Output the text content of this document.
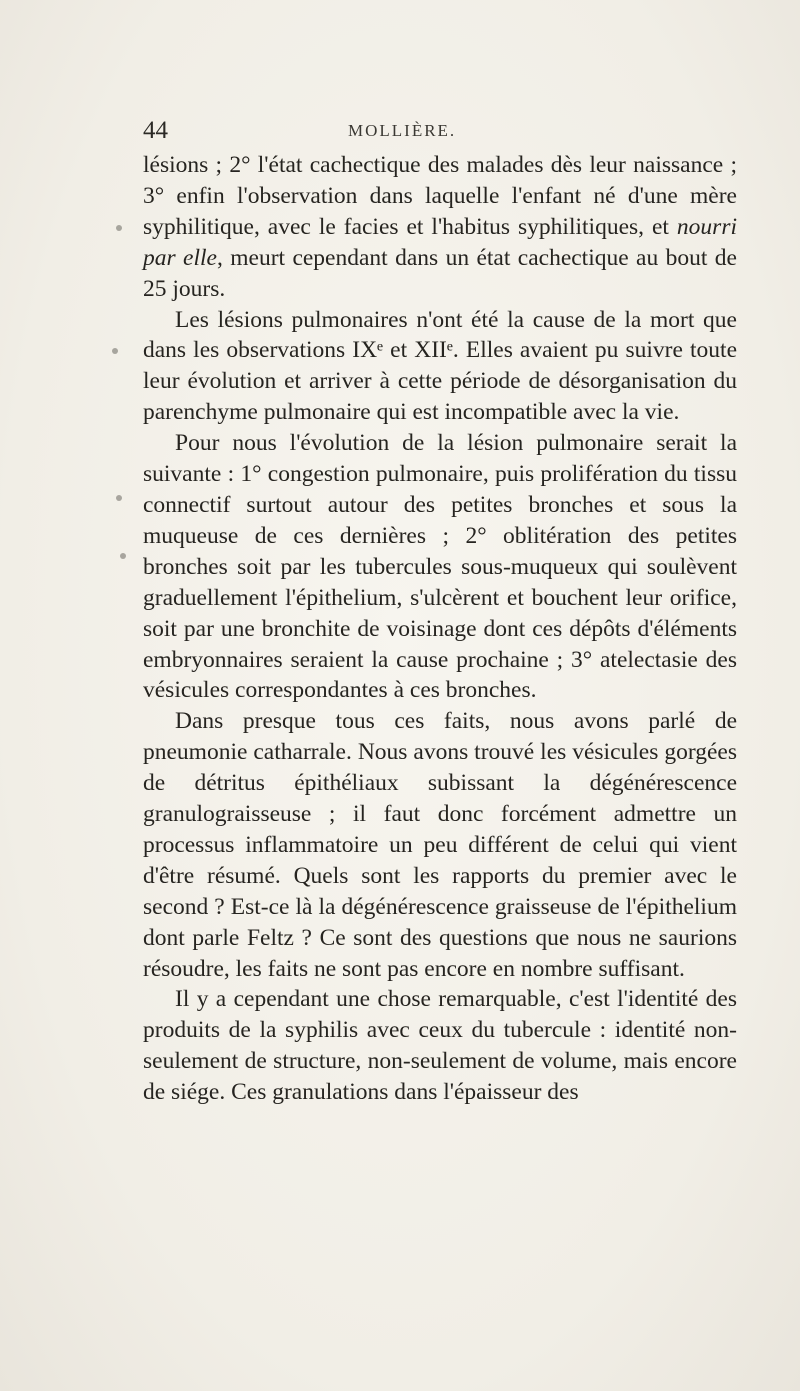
44	MOLLIÈRE.

lésions ; 2° l'état cachectique des malades dès leur naissance ; 3° enfin l'observation dans laquelle l'enfant né d'une mère syphilitique, avec le facies et l'habitus syphilitiques, et nourri par elle, meurt cependant dans un état cachectique au bout de 25 jours.

Les lésions pulmonaires n'ont été la cause de la mort que dans les observations IXᵉ et XIIᵉ. Elles avaient pu suivre toute leur évolution et arriver à cette période de désorganisation du parenchyme pulmonaire qui est incompatible avec la vie.

Pour nous l'évolution de la lésion pulmonaire serait la suivante : 1° congestion pulmonaire, puis prolifération du tissu connectif surtout autour des petites bronches et sous la muqueuse de ces dernières ; 2° oblitération des petites bronches soit par les tubercules sous-muqueux qui soulèvent graduellement l'épithelium, s'ulcèrent et bouchent leur orifice, soit par une bronchite de voisinage dont ces dépôts d'éléments embryonnaires seraient la cause prochaine ; 3° atelectasie des vésicules correspondantes à ces bronches.

Dans presque tous ces faits, nous avons parlé de pneumonie catharrale. Nous avons trouvé les vésicules gorgées de détritus épithéliaux subissant la dégénérescence granulograisseuse ; il faut donc forcément admettre un processus inflammatoire un peu différent de celui qui vient d'être résumé. Quels sont les rapports du premier avec le second ? Est-ce là la dégénérescence graisseuse de l'épithelium dont parle Feltz ? Ce sont des questions que nous ne saurions résoudre, les faits ne sont pas encore en nombre suffisant.

Il y a cependant une chose remarquable, c'est l'identité des produits de la syphilis avec ceux du tubercule : identité non-seulement de structure, non-seulement de volume, mais encore de siége. Ces granulations dans l'épaisseur des
